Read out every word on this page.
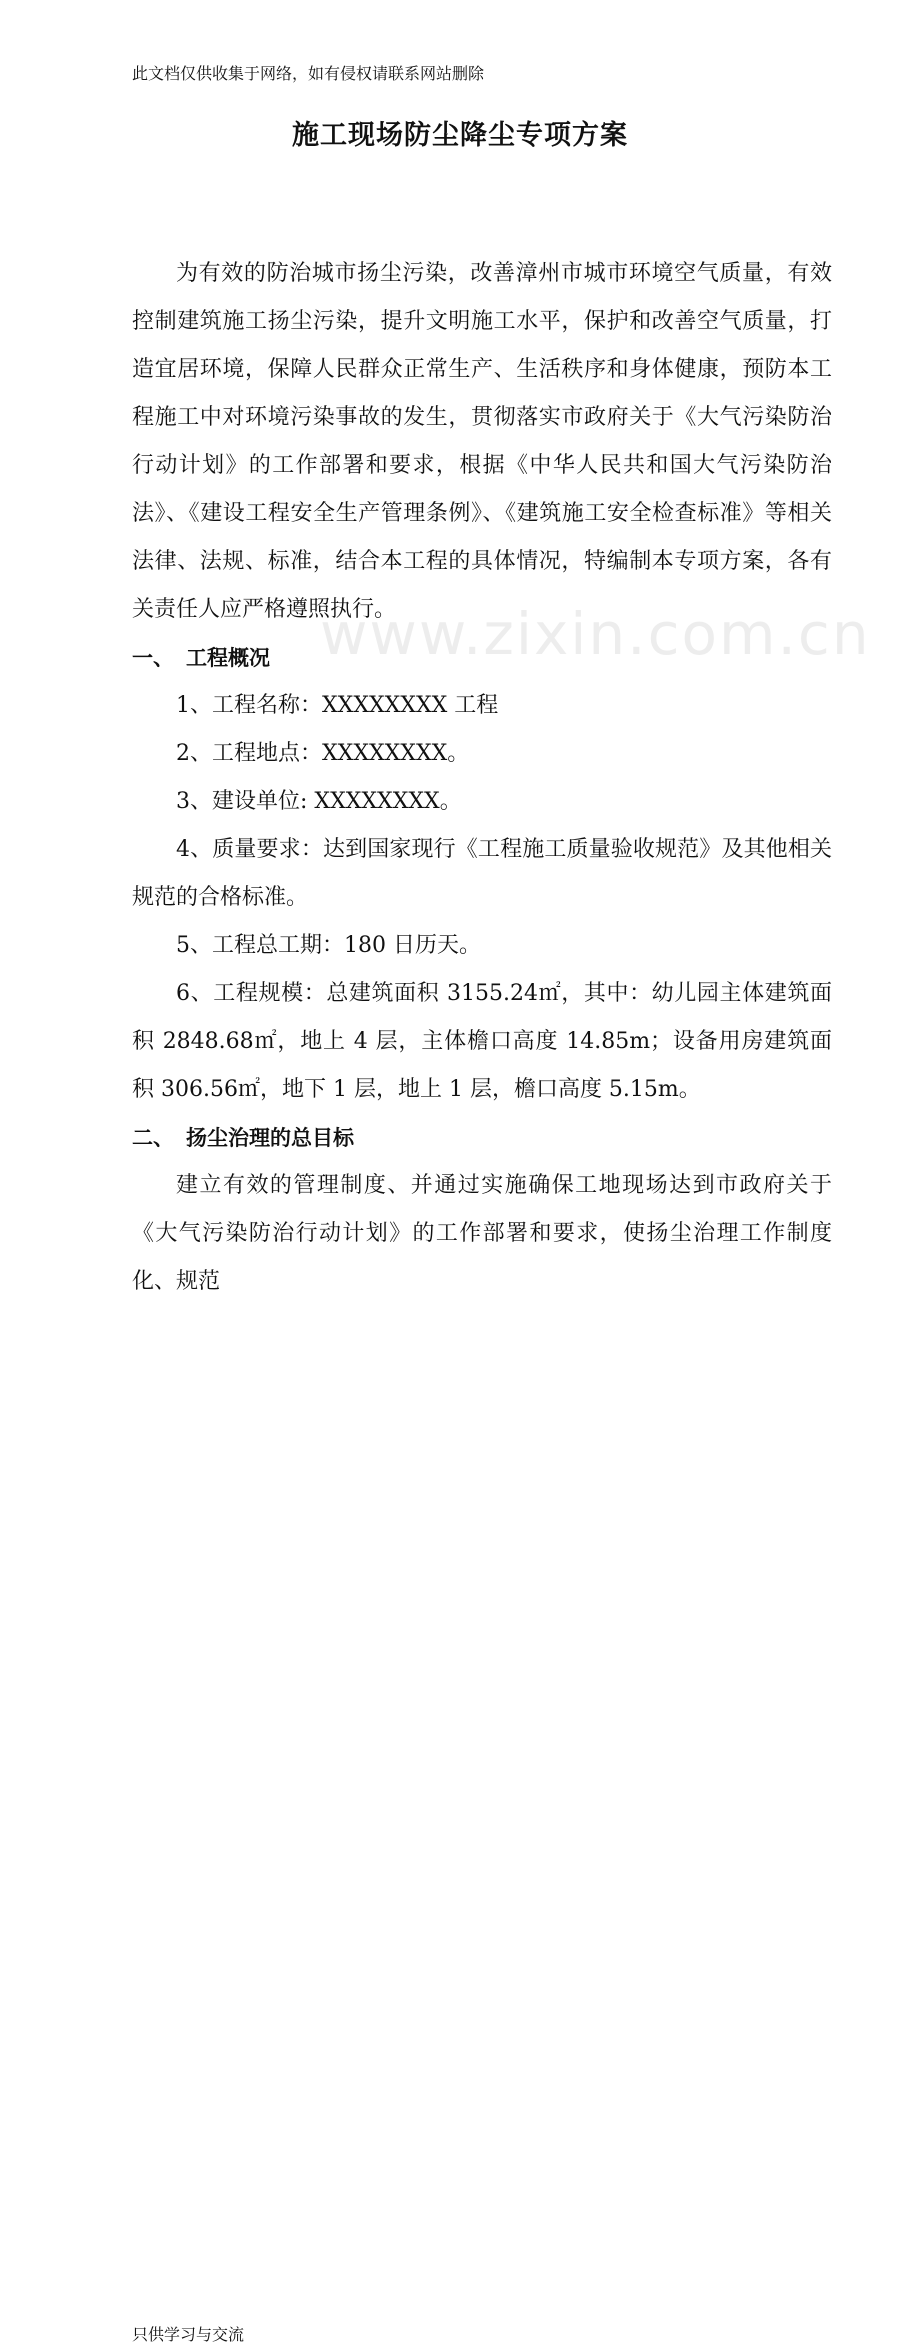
www.zixin.com.cn
此文档仅供收集于网络，如有侵权请联系网站删除
施工现场防尘降尘专项方案

为有效的防治城市扬尘污染，改善漳州市城市环境空气质量，有效控制建筑施工扬尘污染，提升文明施工水平，保护和改善空气质量，打造宜居环境，保障人民群众正常生产、生活秩序和身体健康，预防本工程施工中对环境污染事故的发生，贯彻落实市政府关于《大气污染防治行动计划》的工作部署和要求，根据《中华人民共和国大气污染防治法》、《建设工程安全生产管理条例》、《建筑施工安全检查标准》等相关法律、法规、标准，结合本工程的具体情况，特编制本专项方案，各有关责任人应严格遵照执行。

一、 工程概况

1、工程名称：XXXXXXXX 工程

2、工程地点：XXXXXXXX。

3、建设单位: XXXXXXXX。

4、质量要求：达到国家现行《工程施工质量验收规范》及其他相关规范的合格标准。

5、工程总工期：180 日历天。

6、工程规模：总建筑面积 3155.24㎡，其中：幼儿园主体建筑面积 2848.68㎡，地上 4 层，主体檐口高度 14.85m；设备用房建筑面积 306.56㎡，地下 1 层，地上 1 层，檐口高度 5.15m。

二、 扬尘治理的总目标

建立有效的管理制度、并通过实施确保工地现场达到市政府关于《大气污染防治行动计划》的工作部署和要求，使扬尘治理工作制度化、规范

只供学习与交流
